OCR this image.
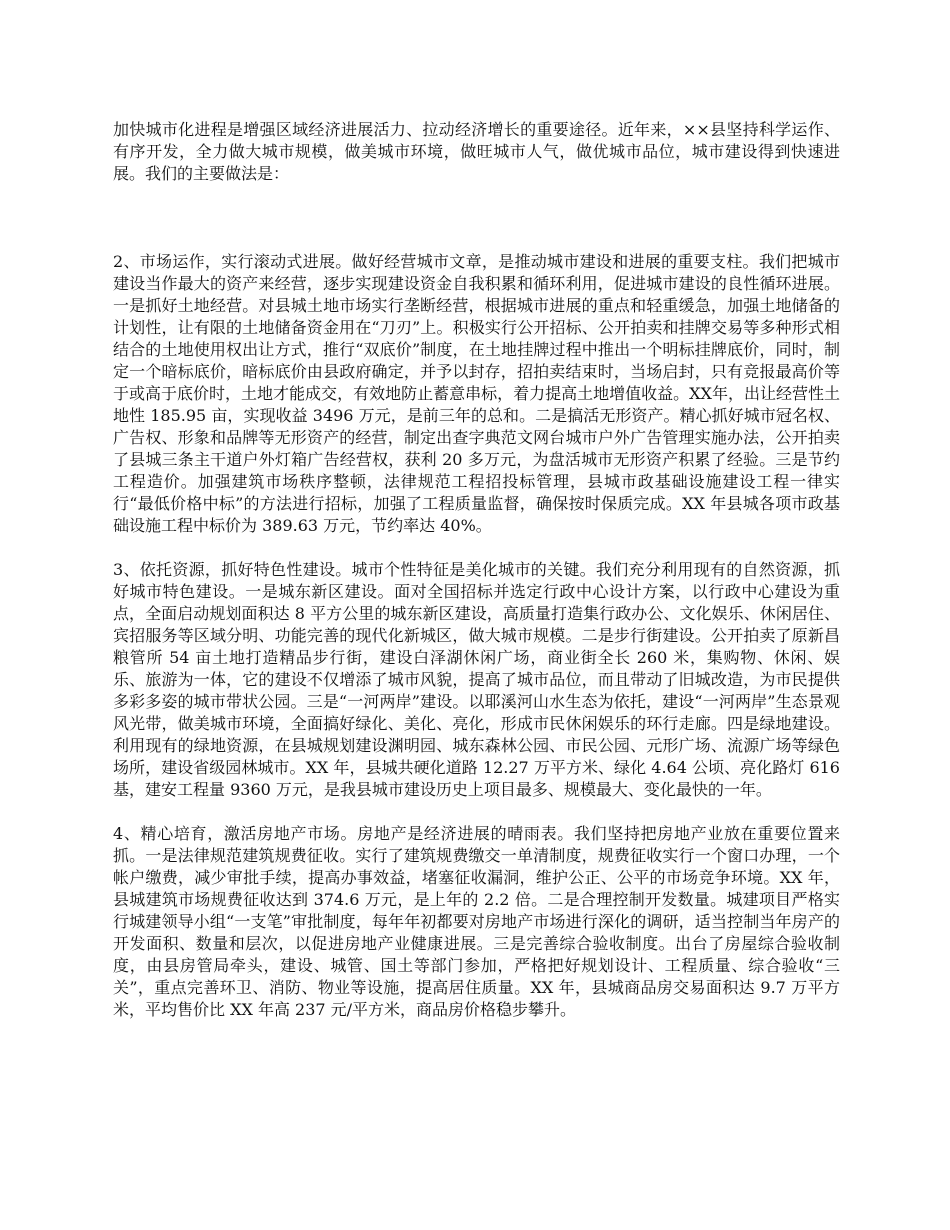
加快城市化进程是增强区域经济进展活力、拉动经济增长的重要途径。近年来，××县坚持科学运作、有序开发，全力做大城市规模，做美城市环境，做旺城市人气，做优城市品位，城市建设得到快速进展。我们的主要做法是：

2、市场运作，实行滚动式进展。做好经营城市文章，是推动城市建设和进展的重要支柱。我们把城市建设当作最大的资产来经营，逐步实现建设资金自我积累和循环利用，促进城市建设的良性循环进展。一是抓好土地经营。对县城土地市场实行垄断经营，根据城市进展的重点和轻重缓急，加强土地储备的计划性，让有限的土地储备资金用在“刀刃”上。积极实行公开招标、公开拍卖和挂牌交易等多种形式相结合的土地使用权出让方式，推行“双底价”制度，在土地挂牌过程中推出一个明标挂牌底价，同时，制定一个暗标底价，暗标底价由县政府确定，并予以封存，招拍卖结束时，当场启封，只有竞报最高价等于或高于底价时，土地才能成交，有效地防止蓄意串标，着力提高土地增值收益。XX年，出让经营性土地性 185.95 亩，实现收益 3496 万元，是前三年的总和。二是搞活无形资产。精心抓好城市冠名权、广告权、形象和品牌等无形资产的经营，制定出查字典范文网台城市户外广告管理实施办法，公开拍卖了县城三条主干道户外灯箱广告经营权，获利 20 多万元，为盘活城市无形资产积累了经验。三是节约工程造价。加强建筑市场秩序整顿，法律规范工程招投标管理，县城市政基础设施建设工程一律实行“最低价格中标”的方法进行招标，加强了工程质量监督，确保按时保质完成。XX 年县城各项市政基础设施工程中标价为 389.63 万元，节约率达 40%。

3、依托资源，抓好特色性建设。城市个性特征是美化城市的关键。我们充分利用现有的自然资源，抓好城市特色建设。一是城东新区建设。面对全国招标并选定行政中心设计方案，以行政中心建设为重点，全面启动规划面积达 8 平方公里的城东新区建设，高质量打造集行政办公、文化娱乐、休闲居住、宾招服务等区域分明、功能完善的现代化新城区，做大城市规模。二是步行街建设。公开拍卖了原新昌粮管所 54 亩土地打造精品步行街，建设白泽湖休闲广场，商业街全长 260 米，集购物、休闲、娱乐、旅游为一体，它的建设不仅增添了城市风貌，提高了城市品位，而且带动了旧城改造，为市民提供多彩多姿的城市带状公园。三是“一河两岸”建设。以耶溪河山水生态为依托，建设“一河两岸”生态景观风光带，做美城市环境，全面搞好绿化、美化、亮化，形成市民休闲娱乐的环行走廊。四是绿地建设。利用现有的绿地资源，在县城规划建设渊明园、城东森林公园、市民公园、元形广场、流源广场等绿色场所，建设省级园林城市。XX 年，县城共硬化道路 12.27 万平方米、绿化 4.64 公顷、亮化路灯 616 基，建安工程量 9360 万元，是我县城市建设历史上项目最多、规模最大、变化最快的一年。

4、精心培育，激活房地产市场。房地产是经济进展的晴雨表。我们坚持把房地产业放在重要位置来抓。一是法律规范建筑规费征收。实行了建筑规费缴交一单清制度，规费征收实行一个窗口办理，一个帐户缴费，减少审批手续，提高办事效益，堵塞征收漏洞，维护公正、公平的市场竞争环境。XX 年，县城建筑市场规费征收达到 374.6 万元，是上年的 2.2 倍。二是合理控制开发数量。城建项目严格实行城建领导小组“一支笔”审批制度，每年年初都要对房地产市场进行深化的调研，适当控制当年房产的开发面积、数量和层次，以促进房地产业健康进展。三是完善综合验收制度。出台了房屋综合验收制度，由县房管局牵头，建设、城管、国土等部门参加，严格把好规划设计、工程质量、综合验收“三关”，重点完善环卫、消防、物业等设施，提高居住质量。XX 年，县城商品房交易面积达 9.7 万平方米，平均售价比 XX 年高 237 元/平方米，商品房价格稳步攀升。
